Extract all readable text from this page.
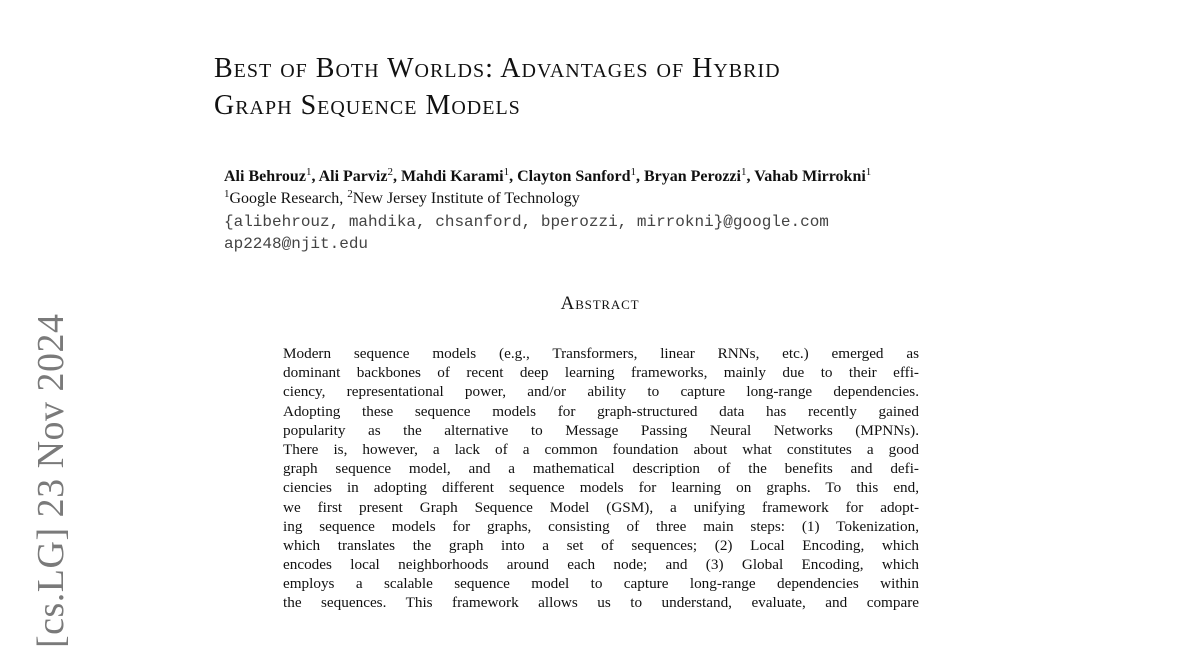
[cs.LG] 23 Nov 2024
Best of Both Worlds: Advantages of Hybrid
Graph Sequence Models
Ali Behrouz$^1$, Ali Parviz$^2$, Mahdi Karami$^1$, Clayton Sanford$^1$, Bryan Perozzi$^1$, Vahab Mirrokni$^1$
$^1$Google Research, $^2$New Jersey Institute of Technology
{alibehrouz, mahdika, chsanford, bperozzi, mirrokni}@google.com
ap2248@njit.edu
Abstract
Modern sequence models (e.g., Transformers, linear RNNs, etc.) emerged as
dominant backbones of recent deep learning frameworks, mainly due to their effi-
ciency, representational power, and/or ability to capture long-range dependencies.
Adopting these sequence models for graph-structured data has recently gained
popularity as the alternative to Message Passing Neural Networks (MPNNs).
There is, however, a lack of a common foundation about what constitutes a good
graph sequence model, and a mathematical description of the benefits and defi-
ciencies in adopting different sequence models for learning on graphs. To this end,
we first present Graph Sequence Model (GSM), a unifying framework for adopt-
ing sequence models for graphs, consisting of three main steps: (1) Tokenization,
which translates the graph into a set of sequences; (2) Local Encoding, which
encodes local neighborhoods around each node; and (3) Global Encoding, which
employs a scalable sequence model to capture long-range dependencies within
the sequences. This framework allows us to understand, evaluate, and compare
